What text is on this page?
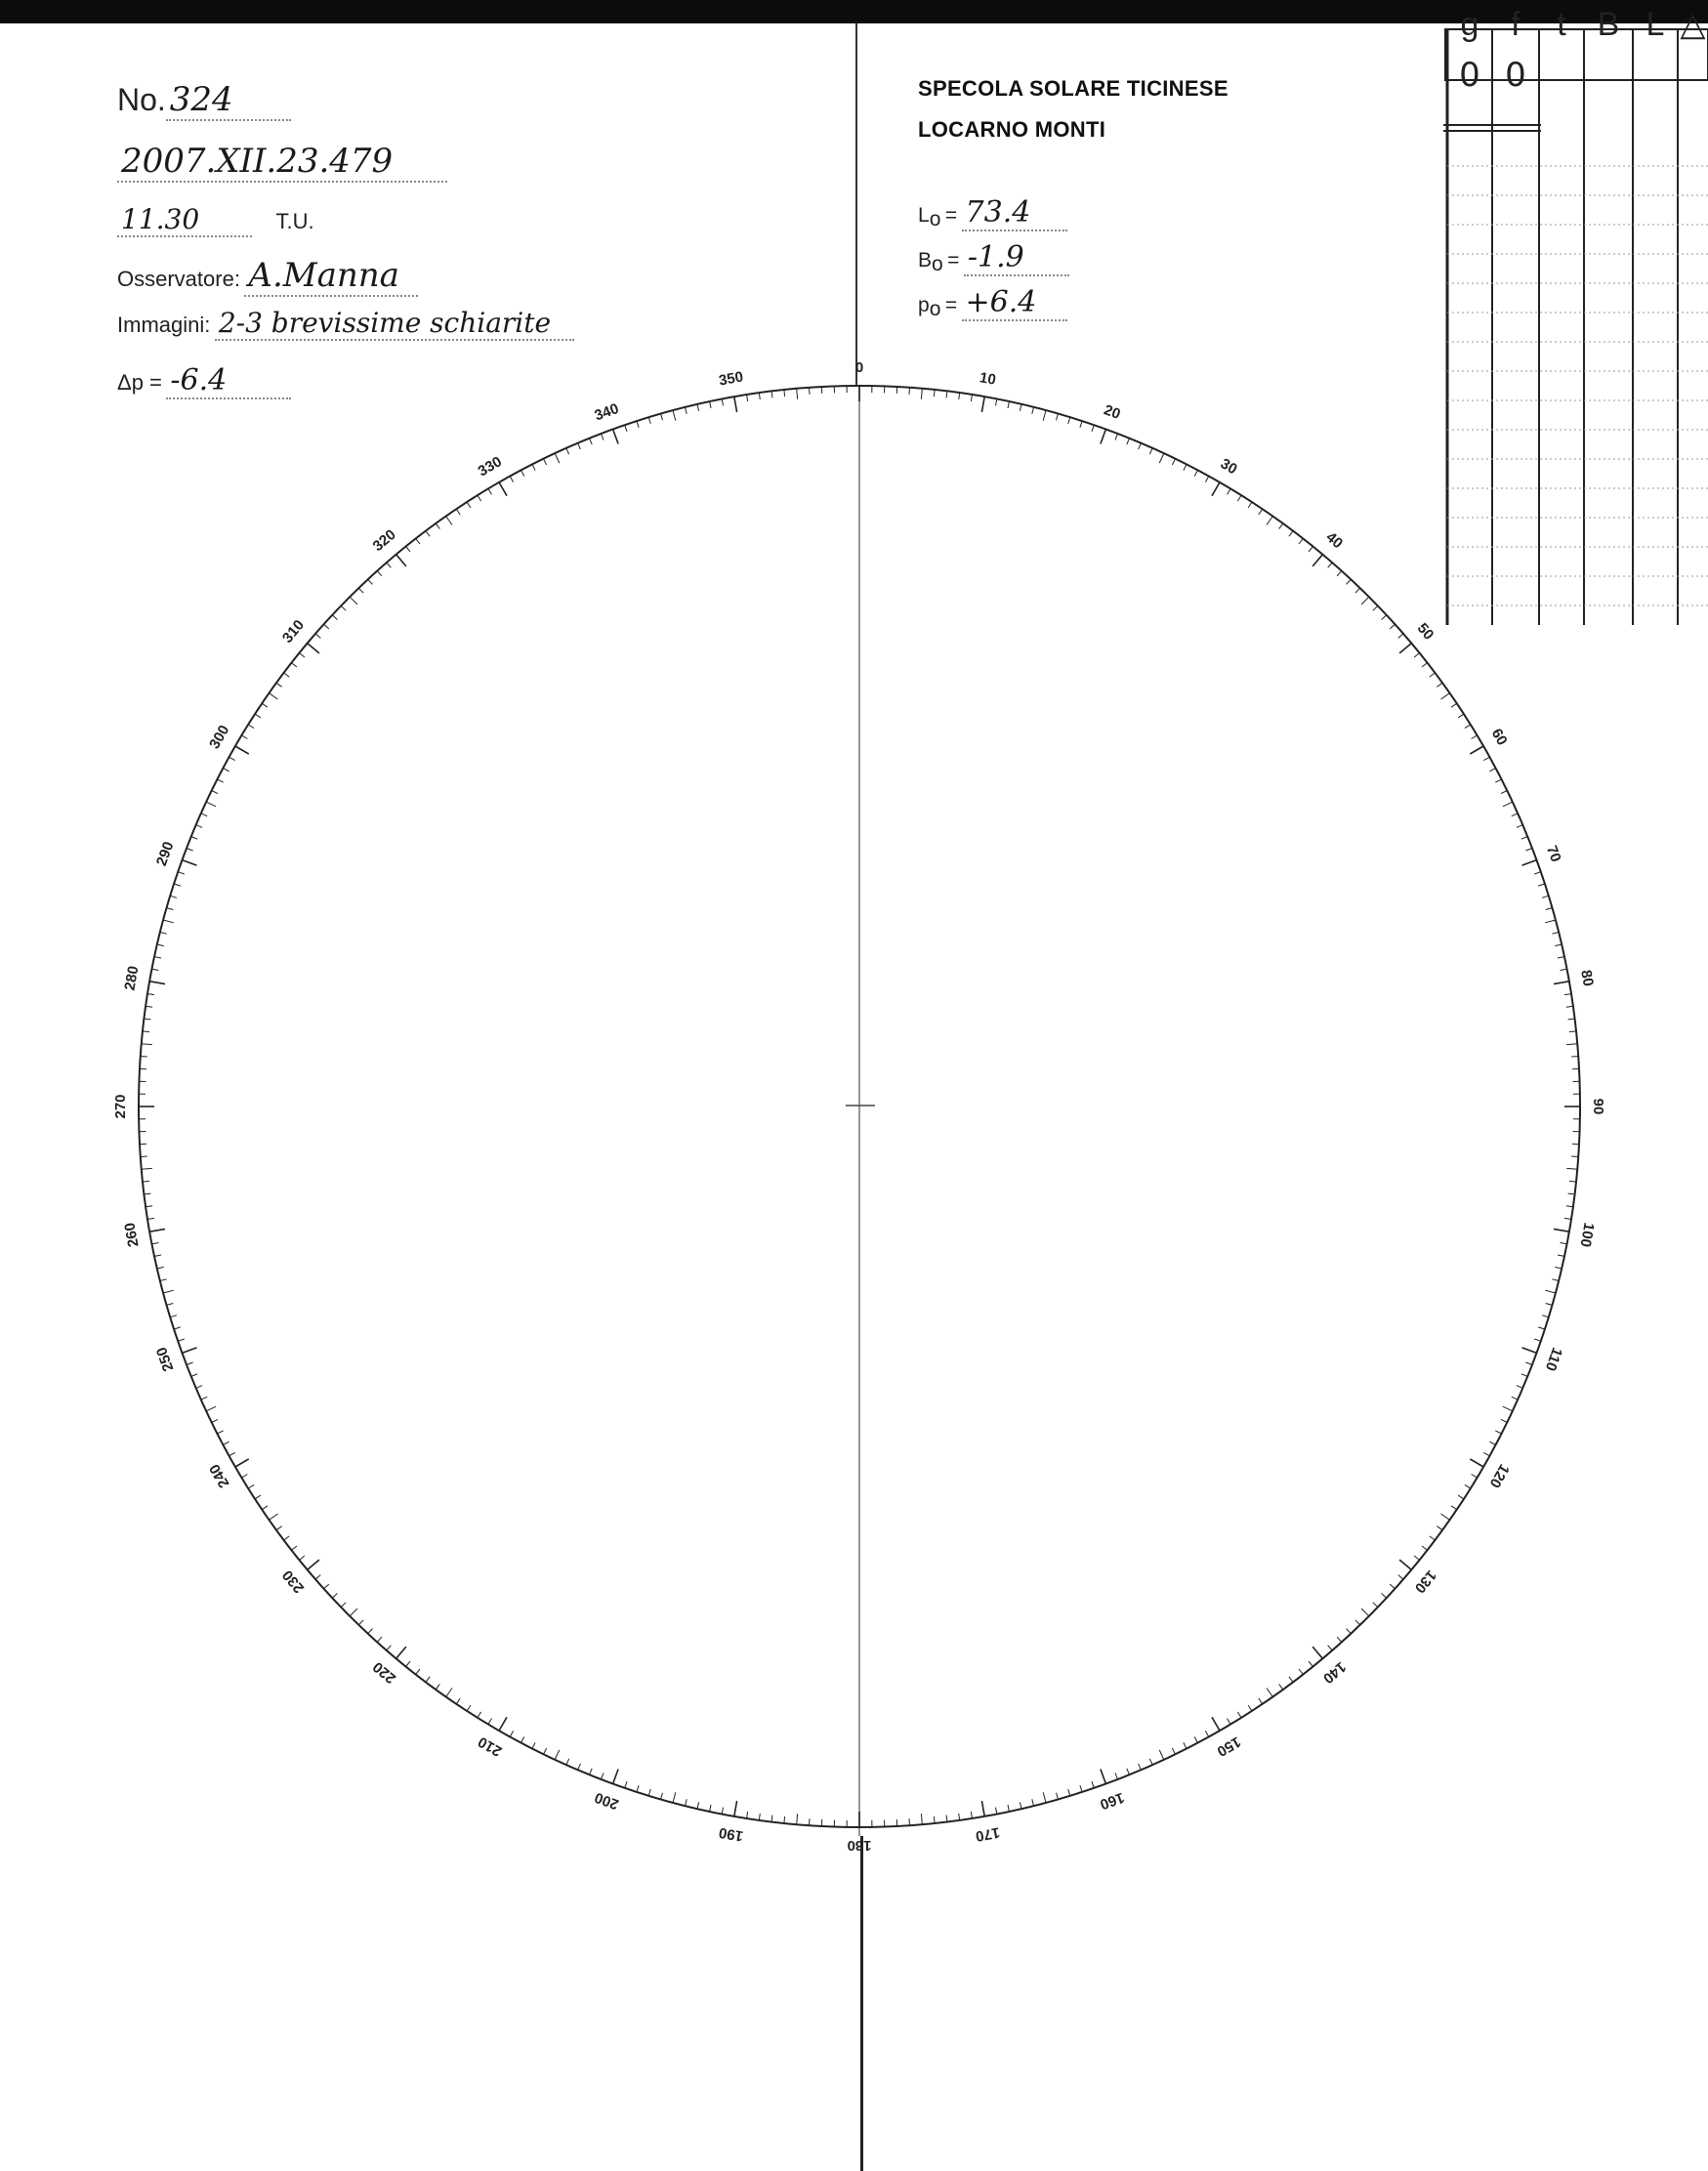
No. 324
2007.XII.23.479
11.30	T.U.
Osservatore: A.Manna
Immagini: 2-3 brevissime schiarite
Δp = -6.4
SPECOLA SOLARE TICINESE
LOCARNO MONTI
$L_o = 73.4$
$B_o = -1.9$
$p_o = +6.4$
g f	t B L △
0 0
0
10
20
30
40
50
60
70
80
90
100
110
120
130
140
150
160
170
180
190
200
210
220
230
240
250
260
270
280
290
300
310
320
330
340
350
